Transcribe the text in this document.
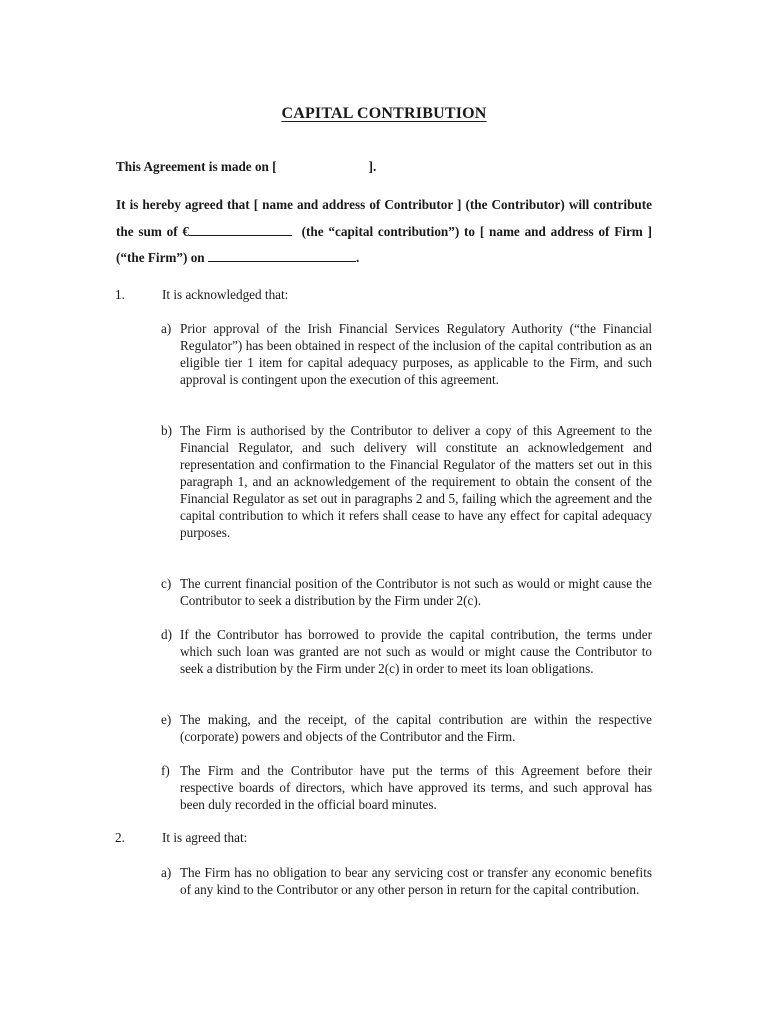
CAPITAL CONTRIBUTION
This Agreement is made on [	].
It is hereby agreed that [ name and address of Contributor ] (the Contributor) will contribute the sum of €	(the “capital contribution”) to [ name and address of Firm ] (“the Firm”) on	.
1.	It is acknowledged that:
a) Prior approval of the Irish Financial Services Regulatory Authority (“the Financial Regulator”) has been obtained in respect of the inclusion of the capital contribution as an eligible tier 1 item for capital adequacy purposes, as applicable to the Firm, and such approval is contingent upon the execution of this agreement.
b) The Firm is authorised by the Contributor to deliver a copy of this Agreement to the Financial Regulator, and such delivery will constitute an acknowledgement and representation and confirmation to the Financial Regulator of the matters set out in this paragraph 1, and an acknowledgement of the requirement to obtain the consent of the Financial Regulator as set out in paragraphs 2 and 5, failing which the agreement and the capital contribution to which it refers shall cease to have any effect for capital adequacy purposes.
c) The current financial position of the Contributor is not such as would or might cause the Contributor to seek a distribution by the Firm under 2(c).
d) If the Contributor has borrowed to provide the capital contribution, the terms under which such loan was granted are not such as would or might cause the Contributor to seek a distribution by the Firm under 2(c) in order to meet its loan obligations.
e) The making, and the receipt, of the capital contribution are within the respective (corporate) powers and objects of the Contributor and the Firm.
f) The Firm and the Contributor have put the terms of this Agreement before their respective boards of directors, which have approved its terms, and such approval has been duly recorded in the official board minutes.
2.	It is agreed that:
a) The Firm has no obligation to bear any servicing cost or transfer any economic benefits of any kind to the Contributor or any other person in return for the capital contribution.
